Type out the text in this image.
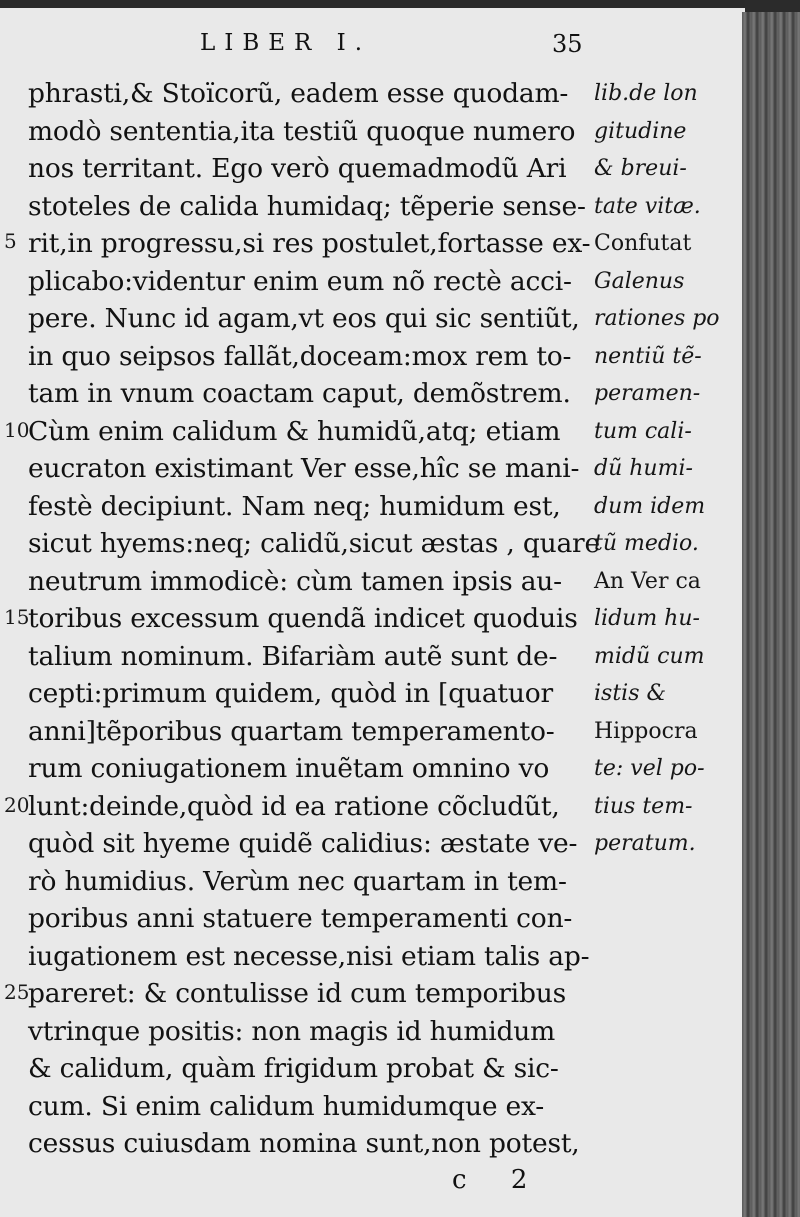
LIBER I.	35
5
10
15
20
25
phrasti,& Stoïcorũ, eadem esse quodam-
modò sententia,ita testiũ quoque numero
nos territant. Ego verò quemadmodũ Ari
stoteles de calida humidaq; tẽperie sense-
rit,in progressu,si res postulet,fortasse ex-
plicabo:videntur enim eum nõ rectè acci-
pere. Nunc id agam,vt eos qui sic sentiũt,
in quo seipsos fallãt,doceam:mox rem to-
tam in vnum coactam caput, demõstrem.
Cùm enim calidum & humidũ,atq; etiam
eucraton existimant Ver esse,hîc se mani-
festè decipiunt. Nam neq; humidum est,
sicut hyems:neq; calidũ,sicut æstas , quare
neutrum immodicè: cùm tamen ipsis au-
toribus excessum quendã indicet quoduis
talium nominum. Bifariàm autẽ sunt de-
cepti:primum quidem, quòd in [quatuor
anni]tẽporibus quartam temperamento-
rum coniugationem inuẽtam omnino vo
lunt:deinde,quòd id ea ratione cõcludũt,
quòd sit hyeme quidẽ calidius: æstate ve-
rò humidius. Verùm nec quartam in tem-
poribus anni statuere temperamenti con-
iugationem est necesse,nisi etiam talis ap-
pareret: & contulisse id cum temporibus
vtrinque positis: non magis id humidum
& calidum, quàm frigidum probat & sic-
cum. Si enim calidum humidumque ex-
cessus cuiusdam nomina sunt,non potest,
lib.de lon
gitudine
& breui-
tate vitæ.
Confutat
Galenus
rationes po
nentiũ tẽ-
peramen-
tum cali-
dũ humi-
dum idem
tũ medio.
An Ver ca
lidum hu-
midũ cum
istis &
Hippocra
te: vel po-
tius tem-
peratum.
c 2
